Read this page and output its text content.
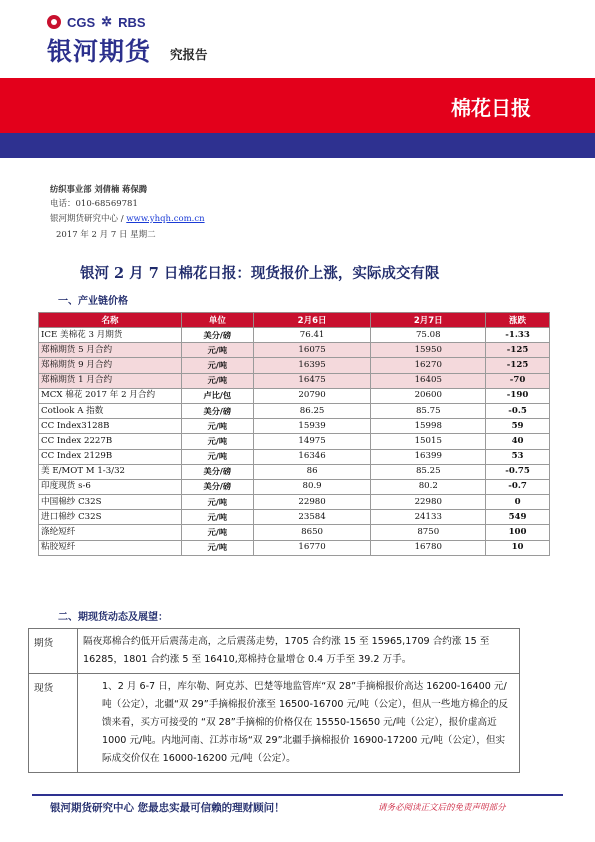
CGS ✲ RBS
银河期货 究报告
棉花日报
纺织事业部 刘倩楠 蒋保腾
电话：010-68569781
银河期货研究中心 / www.yhqh.com.cn
2017 年 2 月 7 日 星期二
银河 2 月 7 日棉花日报：现货报价上涨，实际成交有限
一、产业链价格
名称	单位	2月6日	2月7日	涨跌
ICE 美棉花 3 月期货	美分/磅	76.41	75.08	-1.33
郑棉期货 5 月合约	元/吨	16075	15950	-125
郑棉期货 9 月合约	元/吨	16395	16270	-125
郑棉期货 1 月合约	元/吨	16475	16405	-70
MCX 棉花 2017 年 2 月合约	卢比/包	20790	20600	-190
Cotlook A 指数	美分/磅	86.25	85.75	-0.5
CC Index3128B	元/吨	15939	15998	59
CC Index 2227B	元/吨	14975	15015	40
CC Index 2129B	元/吨	16346	16399	53
美 E/MOT M 1-3/32	美分/磅	86	85.25	-0.75
印度现货 s-6	美分/磅	80.9	80.2	-0.7
中国棉纱 C32S	元/吨	22980	22980	0
进口棉纱 C32S	元/吨	23584	24133	549
涤纶短纤	元/吨	8650	8750	100
粘胶短纤	元/吨	16770	16780	10
二、期现货动态及展望：
期货	隔夜郑棉合约低开后震荡走高，之后震荡走势，1705 合约涨 15 至 15965,1709 合约涨 15 至 16285，1801 合约涨 5 至 16410,郑棉持仓量增仓 0.4 万手至 39.2 万手。
现货	1、2 月 6-7 日，库尔勒、阿克苏、巴楚等地监管库“双 28”手摘棉报价高达 16200-16400 元/吨（公定），北疆“双 29”手摘棉报价涨至 16500-16700 元/吨（公定），但从一些地方棉企的反馈来看，买方可接受的 “双 28”手摘棉的价格仅在 15550-15650 元/吨（公定），报价虚高近 1000 元/吨。内地河南、江苏市场“双 29”北疆手摘棉报价 16900-17200 元/吨（公定），但实际成交价仅在 16000-16200 元/吨（公定）。
银河期货研究中心 您最忠实最可信赖的理财顾问！	请务必阅读正文后的免责声明部分
